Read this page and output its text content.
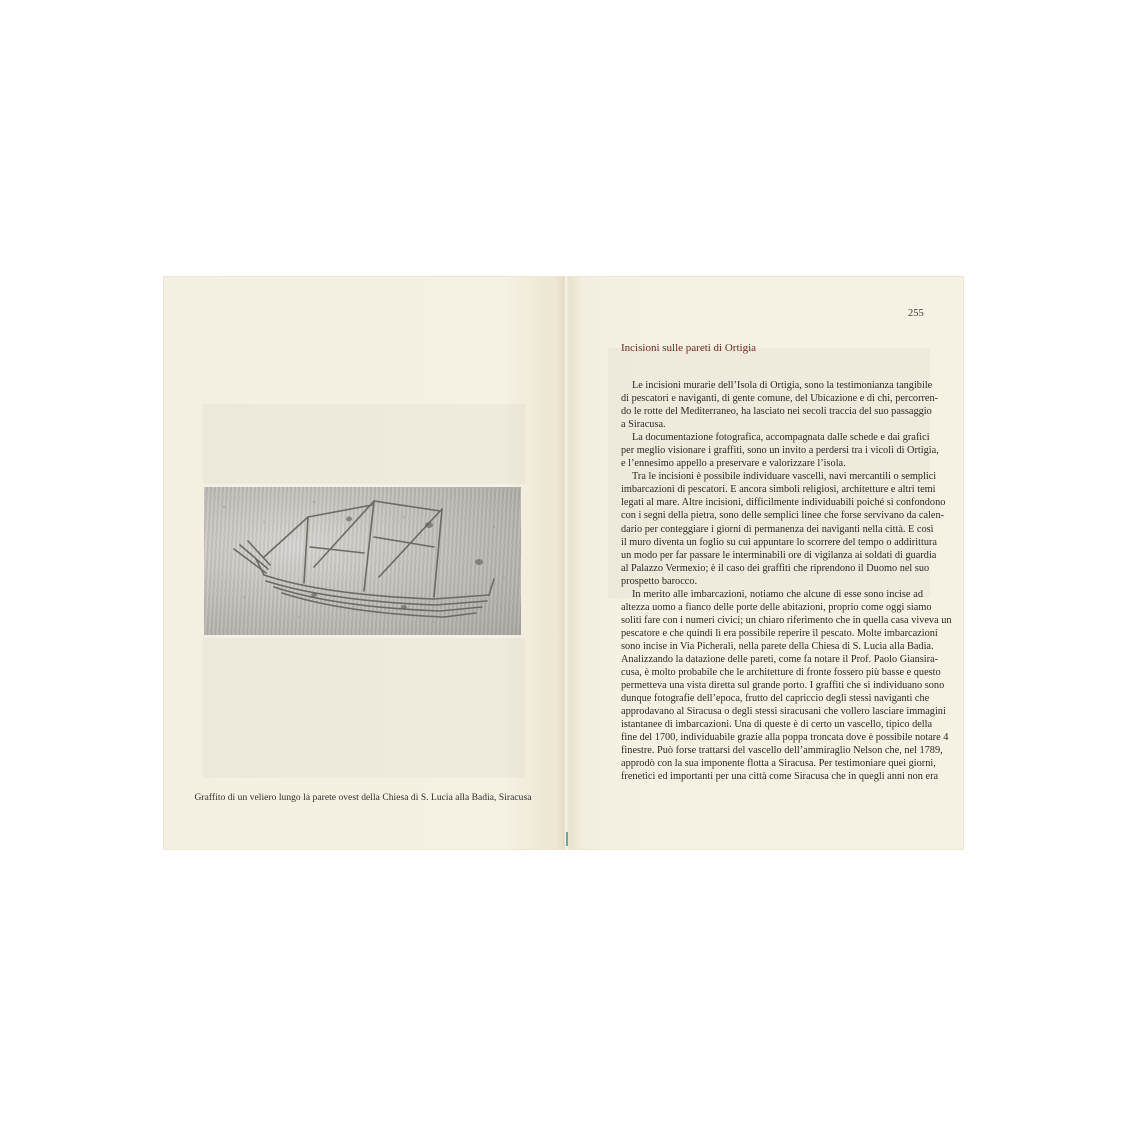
Graffito di un veliero lungo la parete ovest della Chiesa di S. Lucia alla Badia, Siracusa
255
Incisioni sulle pareti di Ortigia
Le incisioni murarie dell’Isola di Ortigia, sono la testimonianza tangibile
di pescatori e naviganti, di gente comune, del Ubicazione e di chi, percorren-
do le rotte del Mediterraneo, ha lasciato nei secoli traccia del suo passaggio
a Siracusa.
La documentazione fotografica, accompagnata dalle schede e dai grafici
per meglio visionare i graffiti, sono un invito a perdersi tra i vicoli di Ortigia,
e l’ennesimo appello a preservare e valorizzare l’isola.
Tra le incisioni è possibile individuare vascelli, navi mercantili o semplici
imbarcazioni di pescatori. E ancora simboli religiosi, architetture e altri temi
legati al mare. Altre incisioni, difficilmente individuabili poiché si confondono
con i segni della pietra, sono delle semplici linee che forse servivano da calen-
dario per conteggiare i giorni di permanenza dei naviganti nella città. E così
il muro diventa un foglio su cui appuntare lo scorrere del tempo o addirittura
un modo per far passare le interminabili ore di vigilanza ai soldati di guardia
al Palazzo Vermexio; è il caso dei graffiti che riprendono il Duomo nel suo
prospetto barocco.
In merito alle imbarcazioni, notiamo che alcune di esse sono incise ad
altezza uomo a fianco delle porte delle abitazioni, proprio come oggi siamo
soliti fare con i numeri civici; un chiaro riferimento che in quella casa viveva un
pescatore e che quindi lì era possibile reperire il pescato. Molte imbarcazioni
sono incise in Via Picherali, nella parete della Chiesa di S. Lucia alla Badia.
Analizzando la datazione delle pareti, come fa notare il Prof. Paolo Giansira-
cusa, è molto probabile che le architetture di fronte fossero più basse e questo
permetteva una vista diretta sul grande porto. I graffiti che si individuano sono
dunque fotografie dell’epoca, frutto del capriccio degli stessi naviganti che
approdavano al Siracusa o degli stessi siracusani che vollero lasciare immagini
istantanee di imbarcazioni. Una di queste è di certo un vascello, tipico della
fine del 1700, individuabile grazie alla poppa troncata dove è possibile notare 4
finestre. Può forse trattarsi del vascello dell’ammiraglio Nelson che, nel 1789,
approdò con la sua imponente flotta a Siracusa. Per testimoniare quei giorni,
frenetici ed importanti per una città come Siracusa che in quegli anni non era
